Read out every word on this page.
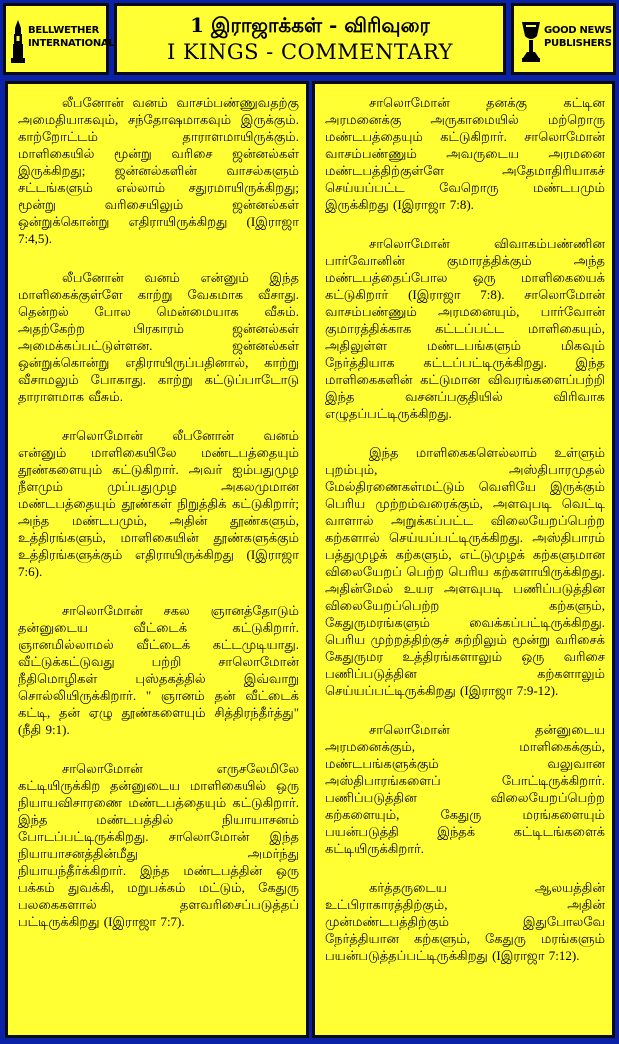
BELLWETHER
INTERNATIONAL
1 இராஜாக்கள் - விரிவுரை
I KINGS - COMMENTARY
GOOD NEWS
PUBLISHERS

லீபனோன் வனம் வாசம்பண்ணுவதற்கு அமைதியாகவும், சந்தோஷமாகவும் இருக்கும். காற்றோட்டம் தாராளமாயிருக்கும். மாளிகையில் மூன்று வரிசை ஜன்னல்கள் இருக்கிறது; ஜன்னல்களின் வாசல்களும் சட்டங்களும் எல்லாம் சதுரமாயிருக்கிறது; மூன்று வரிசையிலும் ஜன்னல்கள் ஒன்றுக்கொன்று எதிராயிருக்கிறது (Iஇராஜா 7:4,5).

லீபனோன் வனம் என்னும் இந்த மாளிகைக்குள்ளே காற்று வேகமாக வீசாது. தென்றல் போல மென்மையாக வீசும். அதற்கேற்ற பிரகாரம் ஜன்னல்கள் அமைக்கப்பட்டுள்ளன. ஜன்னல்கள் ஒன்றுக்கொன்று எதிராயிருப்பதினால், காற்று வீசாமலும் போகாது. காற்று கட்டுப்பாடோடு தாராளமாக வீசும்.

சாலொமோன் லீபனோன் வனம் என்னும் மாளிகையிலே மண்டபத்தையும் தூண்களையும் கட்டுகிறார். அவர் ஐம்பதுமுழ நீளமும் முப்பதுமுழ அகலமுமான மண்டபத்தையும் தூண்கள் நிறுத்திக் கட்டுகிறார்; அந்த மண்டபமும், அதின் தூண்களும், உத்திரங்களும், மாளிகையின் தூண்களுக்கும் உத்திரங்களுக்கும் எதிராயிருக்கிறது (Iஇராஜா 7:6).

சாலொமோன் சகல ஞானத்தோடும் தன்னுடைய வீட்டைக் கட்டுகிறார். ஞானமில்லாமல் வீட்டைக் கட்டமுடியாது. வீட்டுக்கட்டுவது பற்றி சாலொமோன் நீதிமொழிகள் புஸ்தகத்தில் இவ்வாறு சொல்லியிருக்கிறார். " ஞானம் தன் வீட்டைக் கட்டி, தன் ஏழு தூண்களையும் சித்திரந்தீர்த்து" (நீதி 9:1).

சாலொமோன் எருசலேமிலே கட்டியிருக்கிற தன்னுடைய மாளிகையில் ஒரு நியாயவிசாரணை மண்டபத்தையும் கட்டுகிறார். இந்த மண்டபத்தில் நியாயாசனம் போடப்பட்டிருக்கிறது. சாலொமோன் இந்த நியாயாசனத்தின்மீது அமர்ந்து நியாயந்தீர்க்கிறார். இந்த மண்டபத்தின் ஒரு பக்கம் துவக்கி, மறுபக்கம் மட்டும், கேதுரு பலகைகளால் தளவரிசைப்படுத்தப் பட்டிருக்கிறது (Iஇராஜா 7:7).

சாலொமோன் தனக்கு கட்டின அரமனைக்கு அருகாமையில் மற்றொரு மண்டபத்தையும் கட்டுகிறார். சாலொமோன் வாசம்பண்ணும் அவருடைய அரமனை மண்டபத்திற்குள்ளே அதேமாதிரியாகச் செய்யப்பட்ட வேறொரு மண்டபமும் இருக்கிறது (Iஇராஜா 7:8).

சாலொமோன் விவாகம்பண்ணின பார்வோனின் குமாரத்திக்கும் அந்த மண்டபத்தைப்போல ஒரு மாளிகையைக் கட்டுகிறார் (Iஇராஜா 7:8). சாலொமோன் வாசம்பண்ணும் அரமனையும், பார்வோன் குமாரத்திக்காக கட்டப்பட்ட மாளிகையும், அதிலுள்ள மண்டபங்களும் மிகவும் நேர்த்தியாக கட்டப்பட்டிருக்கிறது. இந்த மாளிகைகளின் கட்டுமான விவரங்களைப்பற்றி இந்த வசனப்பகுதியில் விரிவாக எழுதப்பட்டிருக்கிறது.

இந்த மாளிகைகளெல்லாம் உள்ளும் புறம்பும், அஸ்திபாரமுதல் மேல்திரணைகள்மட்டும் வெளியே இருக்கும் பெரிய முற்றம்வரைக்கும், அளவுபடி வெட்டி வாளால் அறுக்கப்பட்ட விலையேறப்பெற்ற கற்களால் செய்யப்பட்டிருக்கிறது. அஸ்திபாரம் பத்துமுழக் கற்களும், எட்டுமுழக் கற்களுமான விலையேறப் பெற்ற பெரிய கற்களாயிருக்கிறது. அதின்மேல் உயர அளவுபடி பணிப்படுத்தின விலையேறப்பெற்ற கற்களும், கேதுருமரங்களும் வைக்கப்பட்டிருக்கிறது. பெரிய முற்றத்திற்குச் சுற்றிலும் மூன்று வரிசைக் கேதுருமர உத்திரங்களாலும் ஒரு வரிசை பணிப்படுத்தின கற்களாலும் செய்யப்பட்டிருக்கிறது (Iஇராஜா 7:9-12).

சாலொமோன் தன்னுடைய அரமனைக்கும், மாளிகைக்கும், மண்டபங்களுக்கும் வலுவான அஸ்திபாரங்களைப் போட்டிருக்கிறார். பணிப்படுத்தின விலையேறப்பெற்ற கற்களையும், கேதுரு மரங்களையும் பயன்படுத்தி இந்தக் கட்டிடங்களைக் கட்டியிருக்கிறார்.

கர்த்தருடைய ஆலயத்தின் உட்பிராகாரத்திற்கும், அதின் முன்மண்டபத்திற்கும் இதுபோலவே நேர்த்தியான கற்களும், கேதுரு மரங்களும் பயன்படுத்தப்பட்டிருக்கிறது (Iஇராஜா 7:12).
